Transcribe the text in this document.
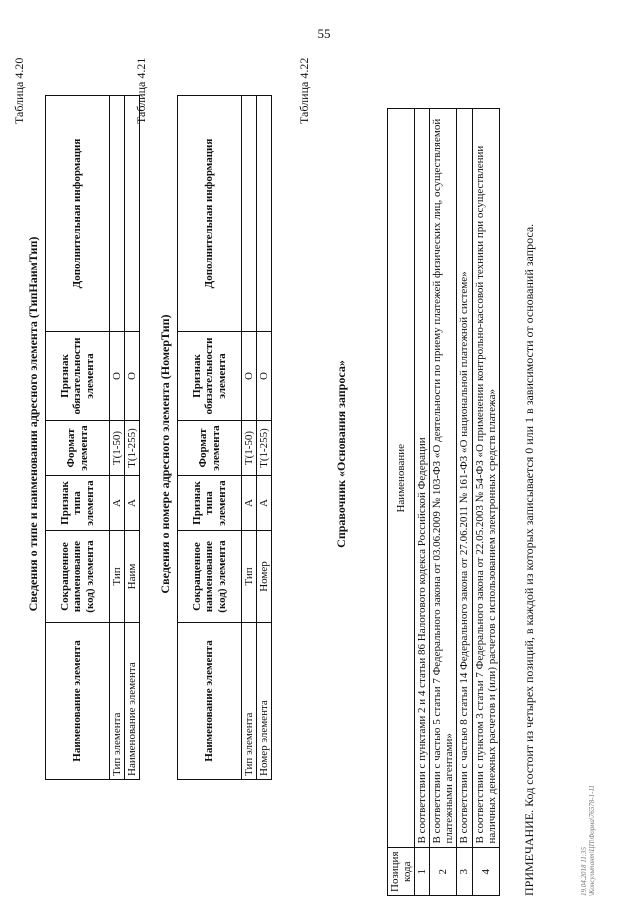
55
Таблица 4.20
Сведения о типе и наименовании адресного элемента (ТипНаимТип)
Наименование элемента	Сокращенное наименование (код) элемента	Признак типа элемента	Формат элемента	Признак обязательности элемента	Дополнительная информация
Тип элемента	Тип	А	T(1-50)	О	
Наименование элемента	Наим	А	T(1-255)	О	
Таблица 4.21
Сведения о номере адресного элемента (НомерТип)
Наименование элемента	Сокращенное наименование (код) элемента	Признак типа элемента	Формат элемента	Признак обязательности элемента	Дополнительная информация
Тип элемента	Тип	А	T(1-50)	О	
Номер элемента	Номер	А	T(1-255)	О	
Таблица 4.22
Справочник «Основания запроса»
Позиция кода	Наименование
1	В соответствии с пунктами 2 и 4 статьи 86 Налогового кодекса Российской Федерации
2	В соответствии с частью 5 статьи 7 Федерального закона от 03.06.2009 № 103-ФЗ «О деятельности по приему платежей физических лиц, осуществляемой платежными агентами»
3	В соответствии с частью 8 статьи 14 Федерального закона от 27.06.2011 № 161-ФЗ «О национальной платежной системе»
4	В соответствии с пунктом 3 статьи 7 Федерального закона от 22.05.2003 № 54-ФЗ «О применении контрольно-кассовой техники при осуществлении наличных денежных расчетов и (или) расчетов с использованием электронных средств платежа» ПРИМЕЧАНИЕ. Код состоит из четырех позиций, в каждой из которых записывается 0 или 1 в зависимости от оснований запроса.	19.04.2018 11:35 \Консультант\ЦП\Форма\76578-1-11
